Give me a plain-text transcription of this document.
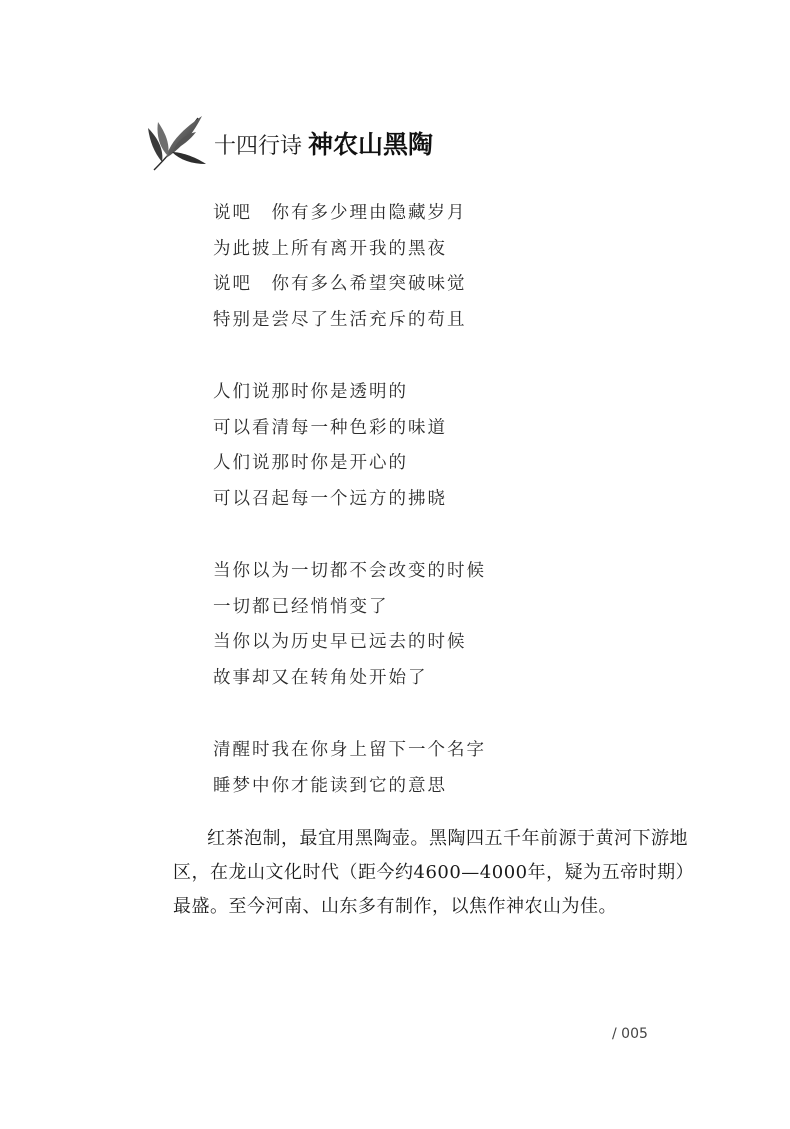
十四行诗 神农山黑陶
说吧　你有多少理由隐藏岁月
为此披上所有离开我的黑夜
说吧　你有多么希望突破味觉
特别是尝尽了生活充斥的苟且
人们说那时你是透明的
可以看清每一种色彩的味道
人们说那时你是开心的
可以召起每一个远方的拂晓
当你以为一切都不会改变的时候
一切都已经悄悄变了
当你以为历史早已远去的时候
故事却又在转角处开始了
清醒时我在你身上留下一个名字
睡梦中你才能读到它的意思

红茶泡制，最宜用黑陶壶。黑陶四五千年前源于黄河下游地区，在龙山文化时代（距今约4600—4000年，疑为五帝时期）最盛。至今河南、山东多有制作，以焦作神农山为佳。

/ 005
